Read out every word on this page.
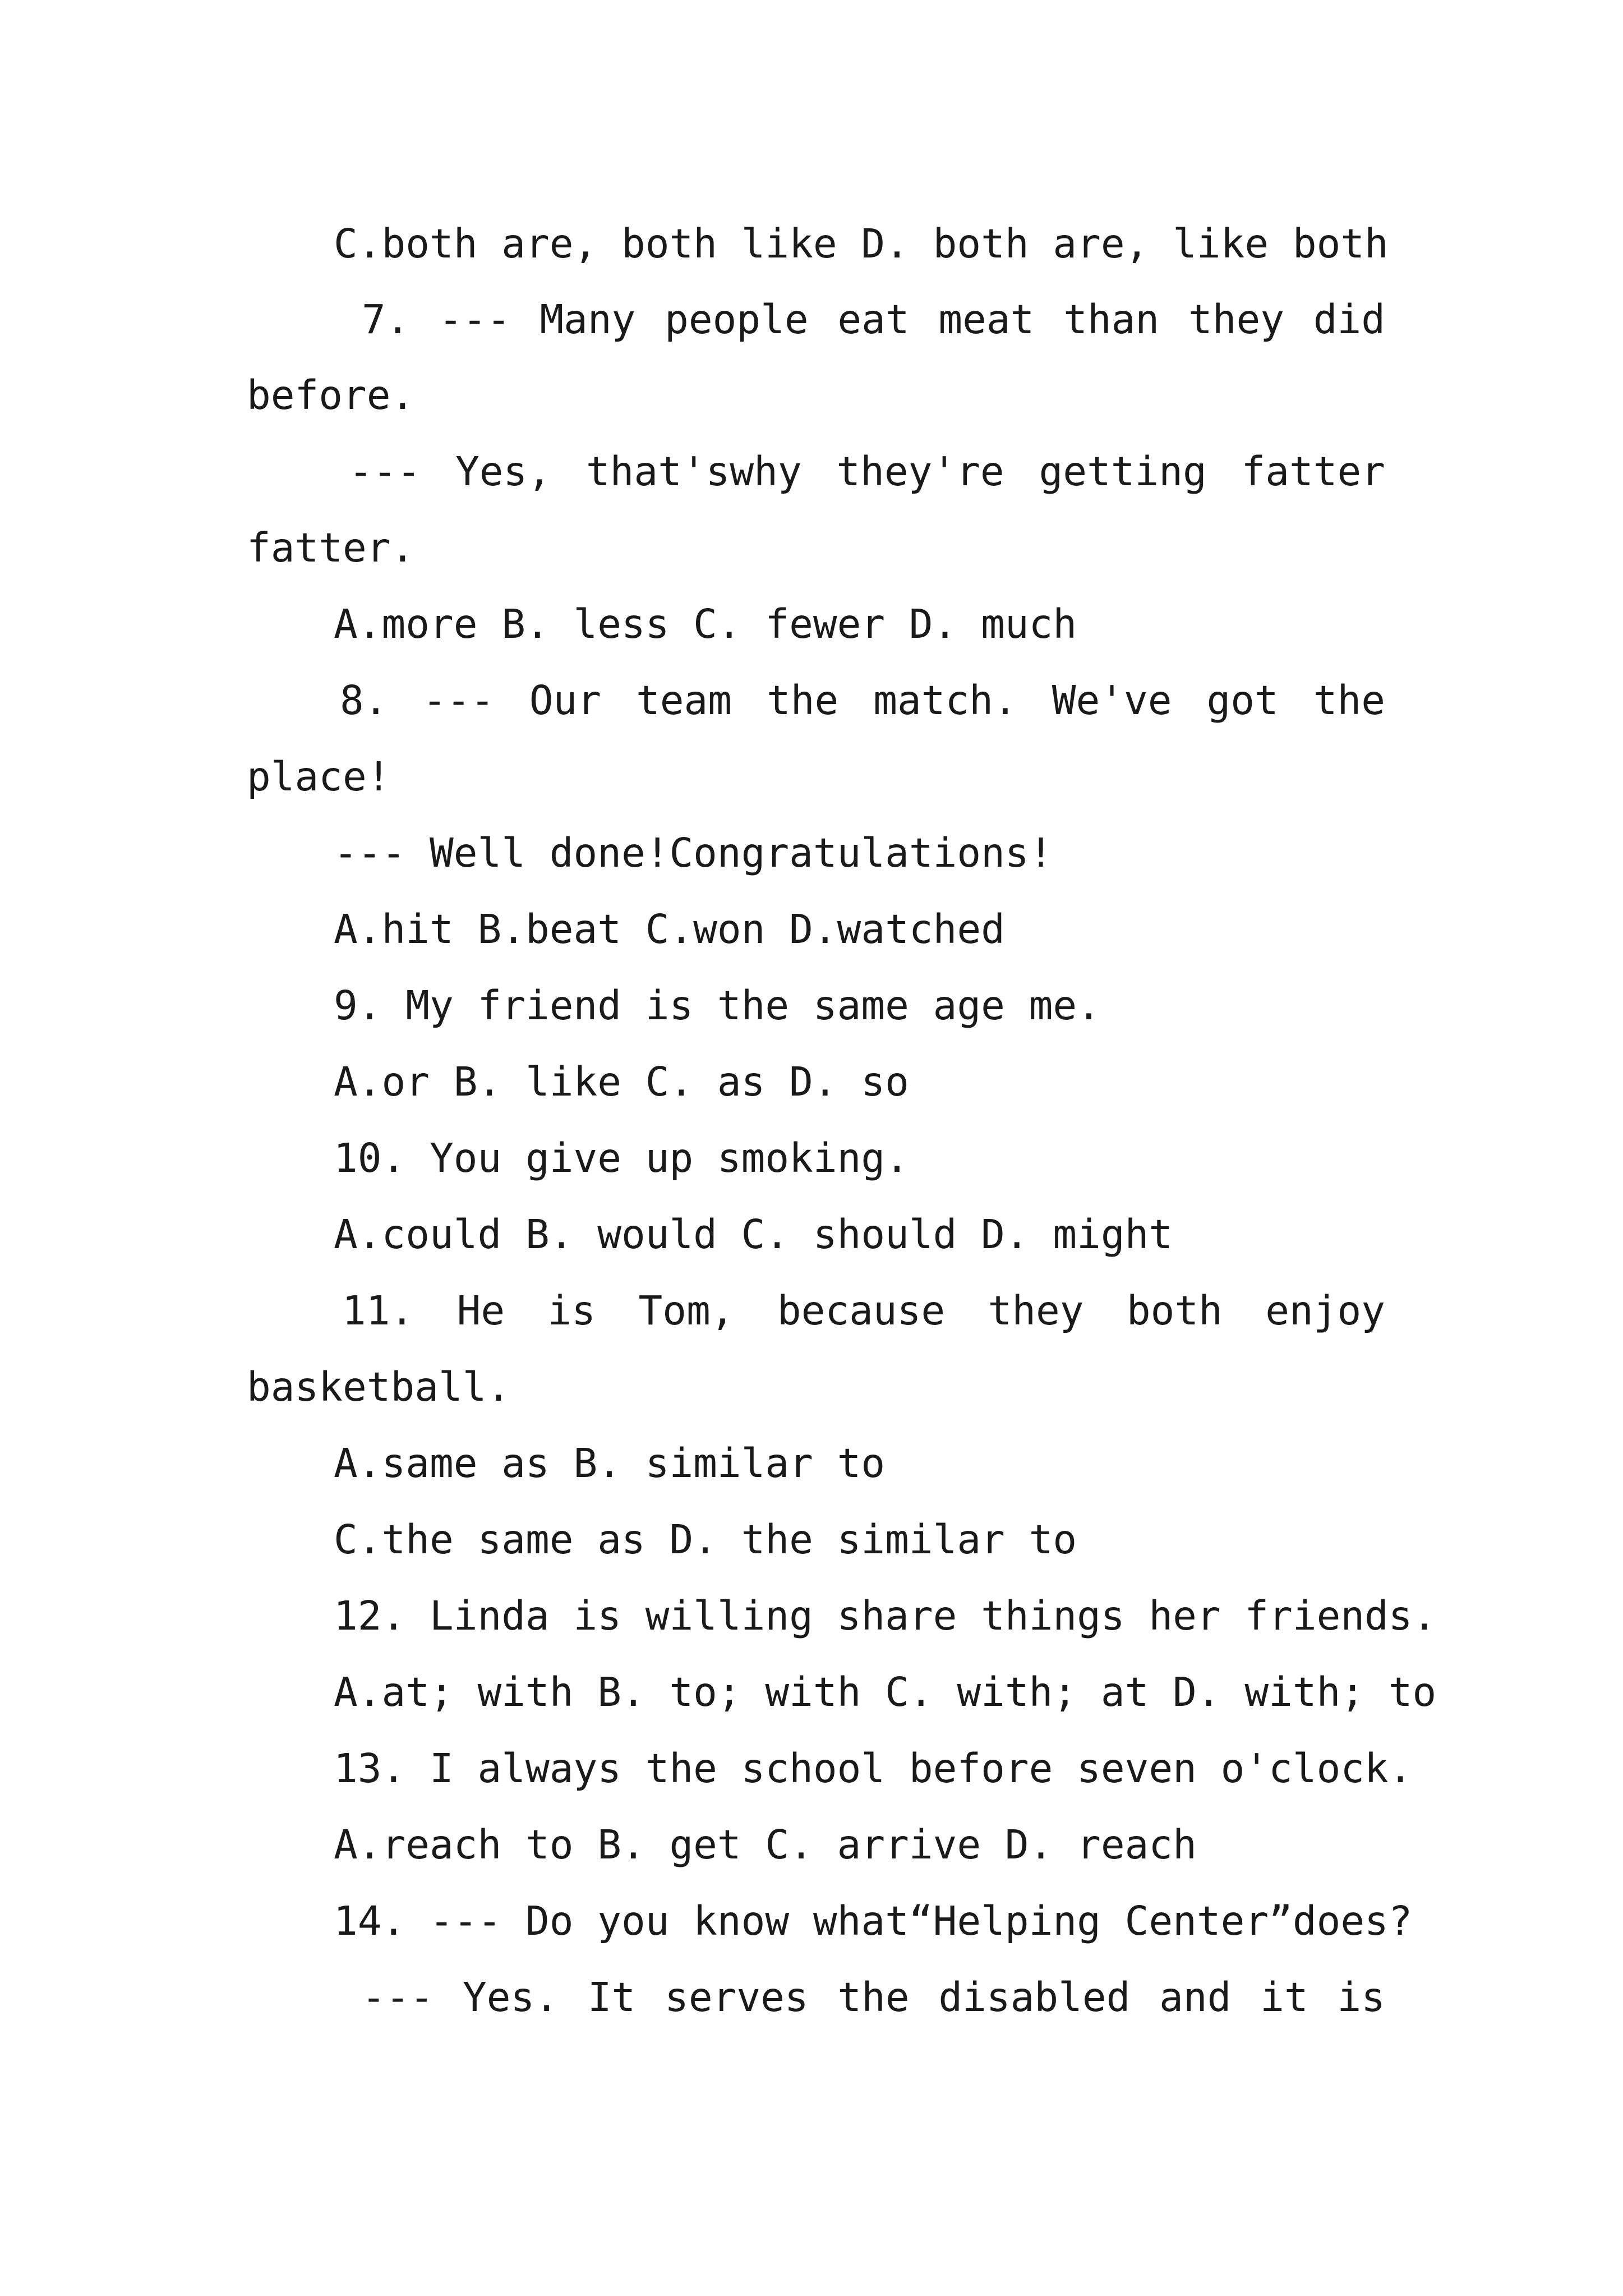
C.both are, both like D. both are, like both
7. --- Many people eat meat than they did
before.
--- Yes, that'swhy they're getting fatter
fatter.
A.more B. less C. fewer D. much
8. --- Our team the match. We've got the
place!
--- Well done!Congratulations!
A.hit B.beat C.won D.watched
9. My friend is the same age me.
A.or B. like C. as D. so
10. You give up smoking.
A.could B. would C. should D. might
11. He is Tom, because they both enjoy
basketball.
A.same as B. similar to
C.the same as D. the similar to
12. Linda is willing share things her friends.
A.at; with B. to; with C. with; at D. with; to
13. I always the school before seven o'clock.
A.reach to B. get C. arrive D. reach
14. --- Do you know what“Helping Center”does?
--- Yes. It serves the disabled and it is
